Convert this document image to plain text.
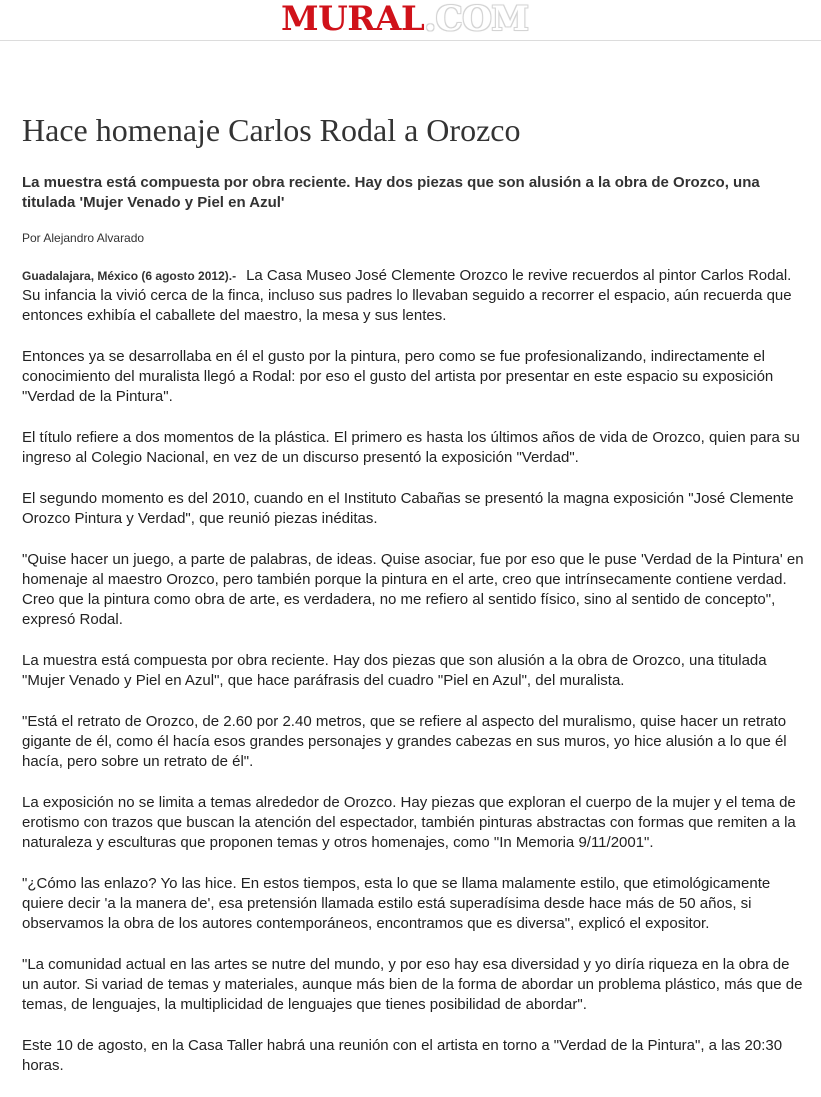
MURAL.COM
Hace homenaje Carlos Rodal a Orozco

La muestra está compuesta por obra reciente. Hay dos piezas que son alusión a la obra de Orozco, una titulada 'Mujer Venado y Piel en Azul'

Por Alejandro Alvarado

Guadalajara, México (6 agosto 2012).- La Casa Museo José Clemente Orozco le revive recuerdos al pintor Carlos Rodal. Su infancia la vivió cerca de la finca, incluso sus padres lo llevaban seguido a recorrer el espacio, aún recuerda que entonces exhibía el caballete del maestro, la mesa y sus lentes.

Entonces ya se desarrollaba en él el gusto por la pintura, pero como se fue profesionalizando, indirectamente el conocimiento del muralista llegó a Rodal: por eso el gusto del artista por presentar en este espacio su exposición "Verdad de la Pintura".

El título refiere a dos momentos de la plástica. El primero es hasta los últimos años de vida de Orozco, quien para su ingreso al Colegio Nacional, en vez de un discurso presentó la exposición "Verdad".

El segundo momento es del 2010, cuando en el Instituto Cabañas se presentó la magna exposición "José Clemente Orozco Pintura y Verdad", que reunió piezas inéditas.

"Quise hacer un juego, a parte de palabras, de ideas. Quise asociar, fue por eso que le puse 'Verdad de la Pintura' en homenaje al maestro Orozco, pero también porque la pintura en el arte, creo que intrínsecamente contiene verdad. Creo que la pintura como obra de arte, es verdadera, no me refiero al sentido físico, sino al sentido de concepto", expresó Rodal.

La muestra está compuesta por obra reciente. Hay dos piezas que son alusión a la obra de Orozco, una titulada "Mujer Venado y Piel en Azul", que hace paráfrasis del cuadro "Piel en Azul", del muralista.

"Está el retrato de Orozco, de 2.60 por 2.40 metros, que se refiere al aspecto del muralismo, quise hacer un retrato gigante de él, como él hacía esos grandes personajes y grandes cabezas en sus muros, yo hice alusión a lo que él hacía, pero sobre un retrato de él".

La exposición no se limita a temas alrededor de Orozco. Hay piezas que exploran el cuerpo de la mujer y el tema de erotismo con trazos que buscan la atención del espectador, también pinturas abstractas con formas que remiten a la naturaleza y esculturas que proponen temas y otros homenajes, como "In Memoria 9/11/2001".

"¿Cómo las enlazo? Yo las hice. En estos tiempos, esta lo que se llama malamente estilo, que etimológicamente quiere decir 'a la manera de', esa pretensión llamada estilo está superadísima desde hace más de 50 años, si observamos la obra de los autores contemporáneos, encontramos que es diversa", explicó el expositor.

"La comunidad actual en las artes se nutre del mundo, y por eso hay esa diversidad y yo diría riqueza en la obra de un autor. Si variad de temas y materiales, aunque más bien de la forma de abordar un problema plástico, más que de temas, de lenguajes, la multiplicidad de lenguajes que tienes posibilidad de abordar".

Este 10 de agosto, en la Casa Taller habrá una reunión con el artista en torno a "Verdad de la Pintura", a las 20:30 horas.
